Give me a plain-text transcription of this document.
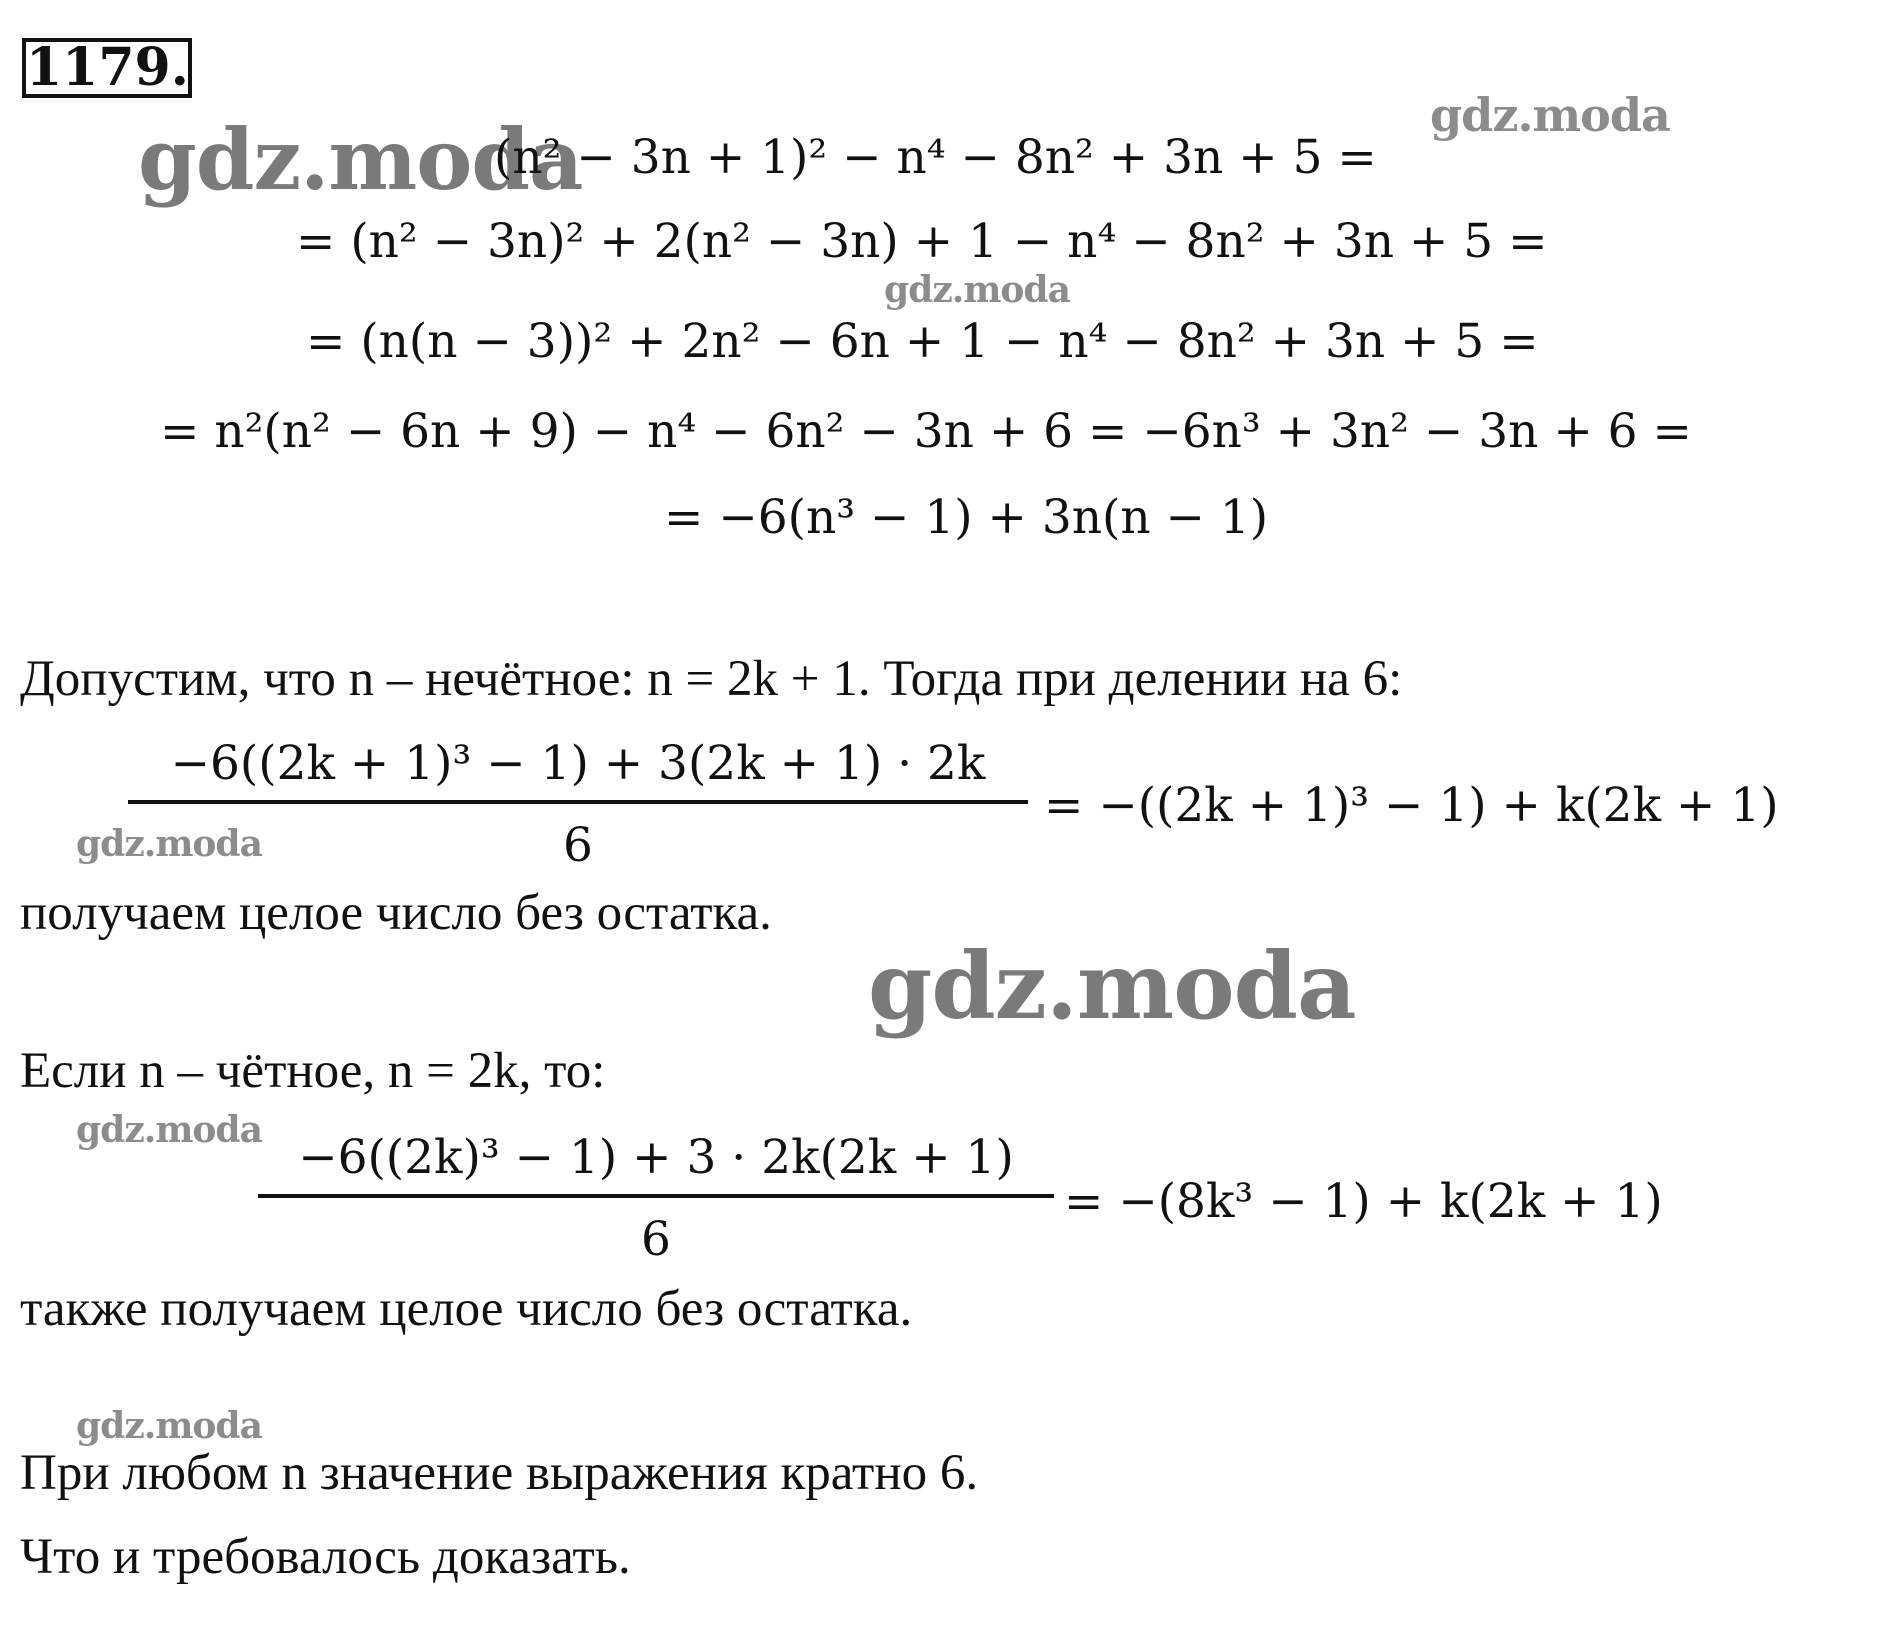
1179.
gdz.moda	gdz.moda
gdz.moda
gdz.moda
gdz.moda
gdz.moda
gdz.moda
(n² − 3n + 1)² − n⁴ − 8n² + 3n + 5 =
= (n² − 3n)² + 2(n² − 3n) + 1 − n⁴ − 8n² + 3n + 5 =
= (n(n − 3))² + 2n² − 6n + 1 − n⁴ − 8n² + 3n + 5 =
= n²(n² − 6n + 9) − n⁴ − 6n² − 3n + 6 = −6n³ + 3n² − 3n + 6 =
= −6(n³ − 1) + 3n(n − 1)
Допустим, что n – нечётное: n = 2k + 1. Тогда при делении на 6:
−6((2k + 1)³ − 1) + 3(2k + 1) · 2k
6
= −((2k + 1)³ − 1) + k(2k + 1)
получаем целое число без остатка.
Если n – чётное, n = 2k, то:
−6((2k)³ − 1) + 3 · 2k(2k + 1)
6
= −(8k³ − 1) + k(2k + 1)
также получаем целое число без остатка.
При любом n значение выражения кратно 6.
Что и требовалось доказать.
